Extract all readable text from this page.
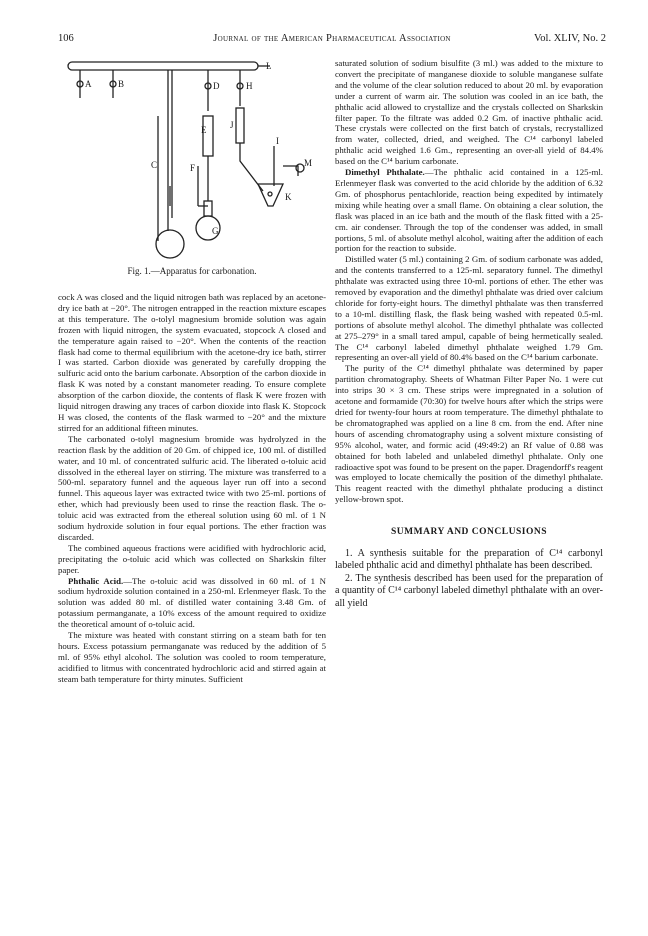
106	Journal of the American Pharmaceutical Association	Vol. XLIV, No. 2
A	B
C
D
E
F
G
H
I
J
K
L
M
Fig. 1.—Apparatus for carbonation.

cock A was closed and the liquid nitrogen bath was replaced by an acetone-dry ice bath at −20°. The nitrogen entrapped in the reaction mixture escapes at this temperature. The o-tolyl magnesium bromide solution was again frozen with liquid nitrogen, the system evacuated, stopcock A closed and the temperature again raised to −20°. When the contents of the reaction flask had come to thermal equilibrium with the acetone-dry ice bath, stirrer I was started. Carbon dioxide was generated by carefully dropping the sulfuric acid onto the barium carbonate. Absorption of the carbon dioxide in flask K was noted by a constant manometer reading. To ensure complete absorption of the carbon dioxide, the contents of flask K were frozen with liquid nitrogen drawing any traces of carbon dioxide into flask K. Stopcock H was closed, the contents of the flask warmed to −20° and the mixture stirred for an additional fifteen minutes.

The carbonated o-tolyl magnesium bromide was hydrolyzed in the reaction flask by the addition of 20 Gm. of chipped ice, 100 ml. of distilled water, and 10 ml. of concentrated sulfuric acid. The liberated o-toluic acid dissolved in the ethereal layer on stirring. The mixture was transferred to a 500-ml. separatory funnel and the aqueous layer run off into a second funnel. This aqueous layer was extracted twice with two 25-ml. portions of ether, which had previously been used to rinse the reaction flask. The o-toluic acid was extracted from the ethereal solution using 60 ml. of 1 N sodium hydroxide solution in four equal portions. The ether fraction was discarded.

The combined aqueous fractions were acidified with hydrochloric acid, precipitating the o-toluic acid which was collected on Sharkskin filter paper.

Phthalic Acid.—The o-toluic acid was dissolved in 60 ml. of 1 N sodium hydroxide solution contained in a 250-ml. Erlenmeyer flask. To the solution was added 80 ml. of distilled water containing 3.48 Gm. of potassium permanganate, a 10% excess of the amount required to oxidize the theoretical amount of o-toluic acid.

The mixture was heated with constant stirring on a steam bath for ten hours. Excess potassium permanganate was reduced by the addition of 5 ml. of 95% ethyl alcohol. The solution was cooled to room temperature, acidified to litmus with concentrated hydrochloric acid and stirred again at steam bath temperature for thirty minutes. Sufficient

saturated solution of sodium bisulfite (3 ml.) was added to the mixture to convert the precipitate of manganese dioxide to soluble manganese sulfate and the volume of the clear solution reduced to about 20 ml. by evaporation under a current of warm air. The solution was cooled in an ice bath, the phthalic acid allowed to crystallize and the crystals collected on Sharkskin filter paper. To the filtrate was added 0.2 Gm. of inactive phthalic acid. These crystals were collected on the first batch of crystals, recrystallized from water, collected, dried, and weighed. The C¹⁴ carbonyl labeled phthalic acid weighed 1.6 Gm., representing an over-all yield of 84.4% based on the C¹⁴ barium carbonate.

Dimethyl Phthalate.—The phthalic acid contained in a 125-ml. Erlenmeyer flask was converted to the acid chloride by the addition of 6.32 Gm. of phosphorus pentachloride, reaction being expedited by intimately mixing while heating over a small flame. On obtaining a clear solution, the flask was placed in an ice bath and the mouth of the flask fitted with a 25-cm. air condenser. Through the top of the condenser was added, in small portions, 5 ml. of absolute methyl alcohol, waiting after the addition of each portion for the reaction to subside.

Distilled water (5 ml.) containing 2 Gm. of sodium carbonate was added, and the contents transferred to a 125-ml. separatory funnel. The dimethyl phthalate was extracted using three 10-ml. portions of ether. The ether was removed by evaporation and the dimethyl phthalate was dried over calcium chloride for forty-eight hours. The dimethyl phthalate was then transferred to a 10-ml. distilling flask, the flask being washed with repeated 0.5-ml. portions of absolute methyl alcohol. The dimethyl phthalate was collected at 275–279° in a small tared ampul, capable of being hermetically sealed. The C¹⁴ carbonyl labeled dimethyl phthalate weighed 1.79 Gm. representing an over-all yield of 80.4% based on the C¹⁴ barium carbonate.

The purity of the C¹⁴ dimethyl phthalate was determined by paper partition chromatography. Sheets of Whatman Filter Paper No. 1 were cut into strips 30 × 3 cm. These strips were impregnated in a solution of acetone and formamide (70:30) for twelve hours after which the strips were dried for twenty-four hours at room temperature. The dimethyl phthalate to be chromatographed was applied on a line 8 cm. from the end. After nine hours of ascending chromatography using a solvent mixture consisting of 95% alcohol, water, and formic acid (49:49:2) an Rf value of 0.88 was obtained for both labeled and unlabeled dimethyl phthalate. Only one radioactive spot was found to be present on the paper. Dragendorff's reagent was employed to locate chemically the position of the dimethyl phthalate. This reagent reacted with the dimethyl phthalate producing a distinct yellow-brown spot.

SUMMARY AND CONCLUSIONS

1. A synthesis suitable for the preparation of C¹⁴ carbonyl labeled phthalic acid and dimethyl phthalate has been described.

2. The synthesis described has been used for the preparation of a quantity of C¹⁴ carbonyl labeled dimethyl phthalate with an over-all yield
